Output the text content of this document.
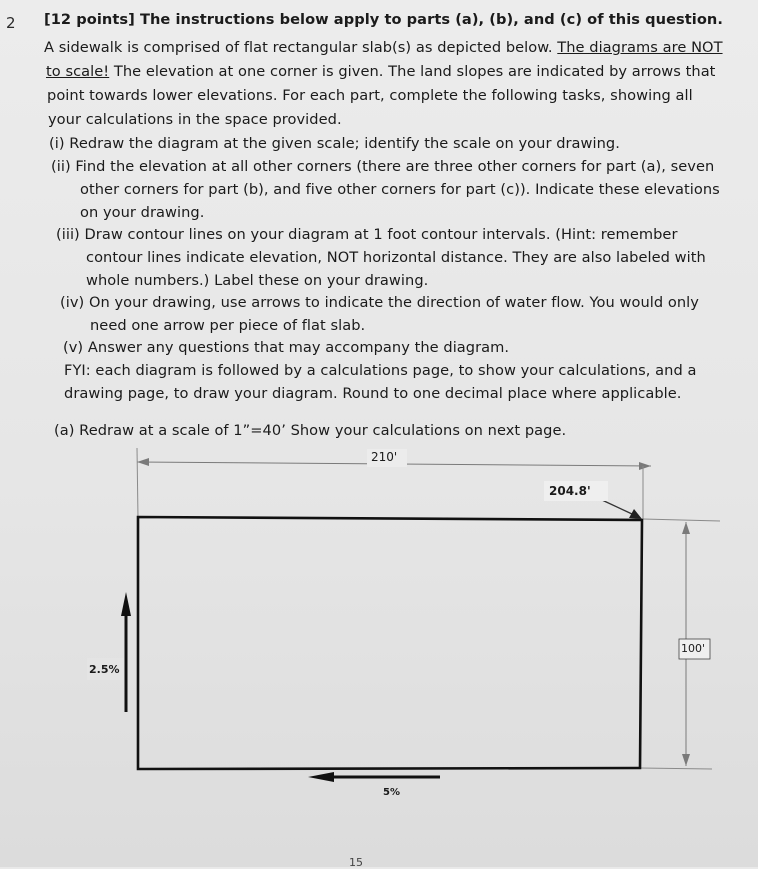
2 [12 points] The instructions below apply to parts (a), (b), and (c) of this question.
A sidewalk is comprised of flat rectangular slab(s) as depicted below. The diagrams are NOT
to scale! The elevation at one corner is given. The land slopes are indicated by arrows that
point towards lower elevations. For each part, complete the following tasks, showing all
your calculations in the space provided.
(i) Redraw the diagram at the given scale; identify the scale on your drawing.
(ii) Find the elevation at all other corners (there are three other corners for part (a), seven
other corners for part (b), and five other corners for part (c)). Indicate these elevations
on your drawing.
(iii) Draw contour lines on your diagram at 1 foot contour intervals. (Hint: remember
contour lines indicate elevation, NOT horizontal distance. They are also labeled with
whole numbers.) Label these on your drawing.
(iv) On your drawing, use arrows to indicate the direction of water flow. You would only
need one arrow per piece of flat slab.
(v) Answer any questions that may accompany the diagram.
FYI: each diagram is followed by a calculations page, to show your calculations, and a
drawing page, to draw your diagram. Round to one decimal place where applicable.
(a) Redraw at a scale of 1”=40’ Show your calculations on next page.
210'
204.8'
100'
2.5%
5%
15
